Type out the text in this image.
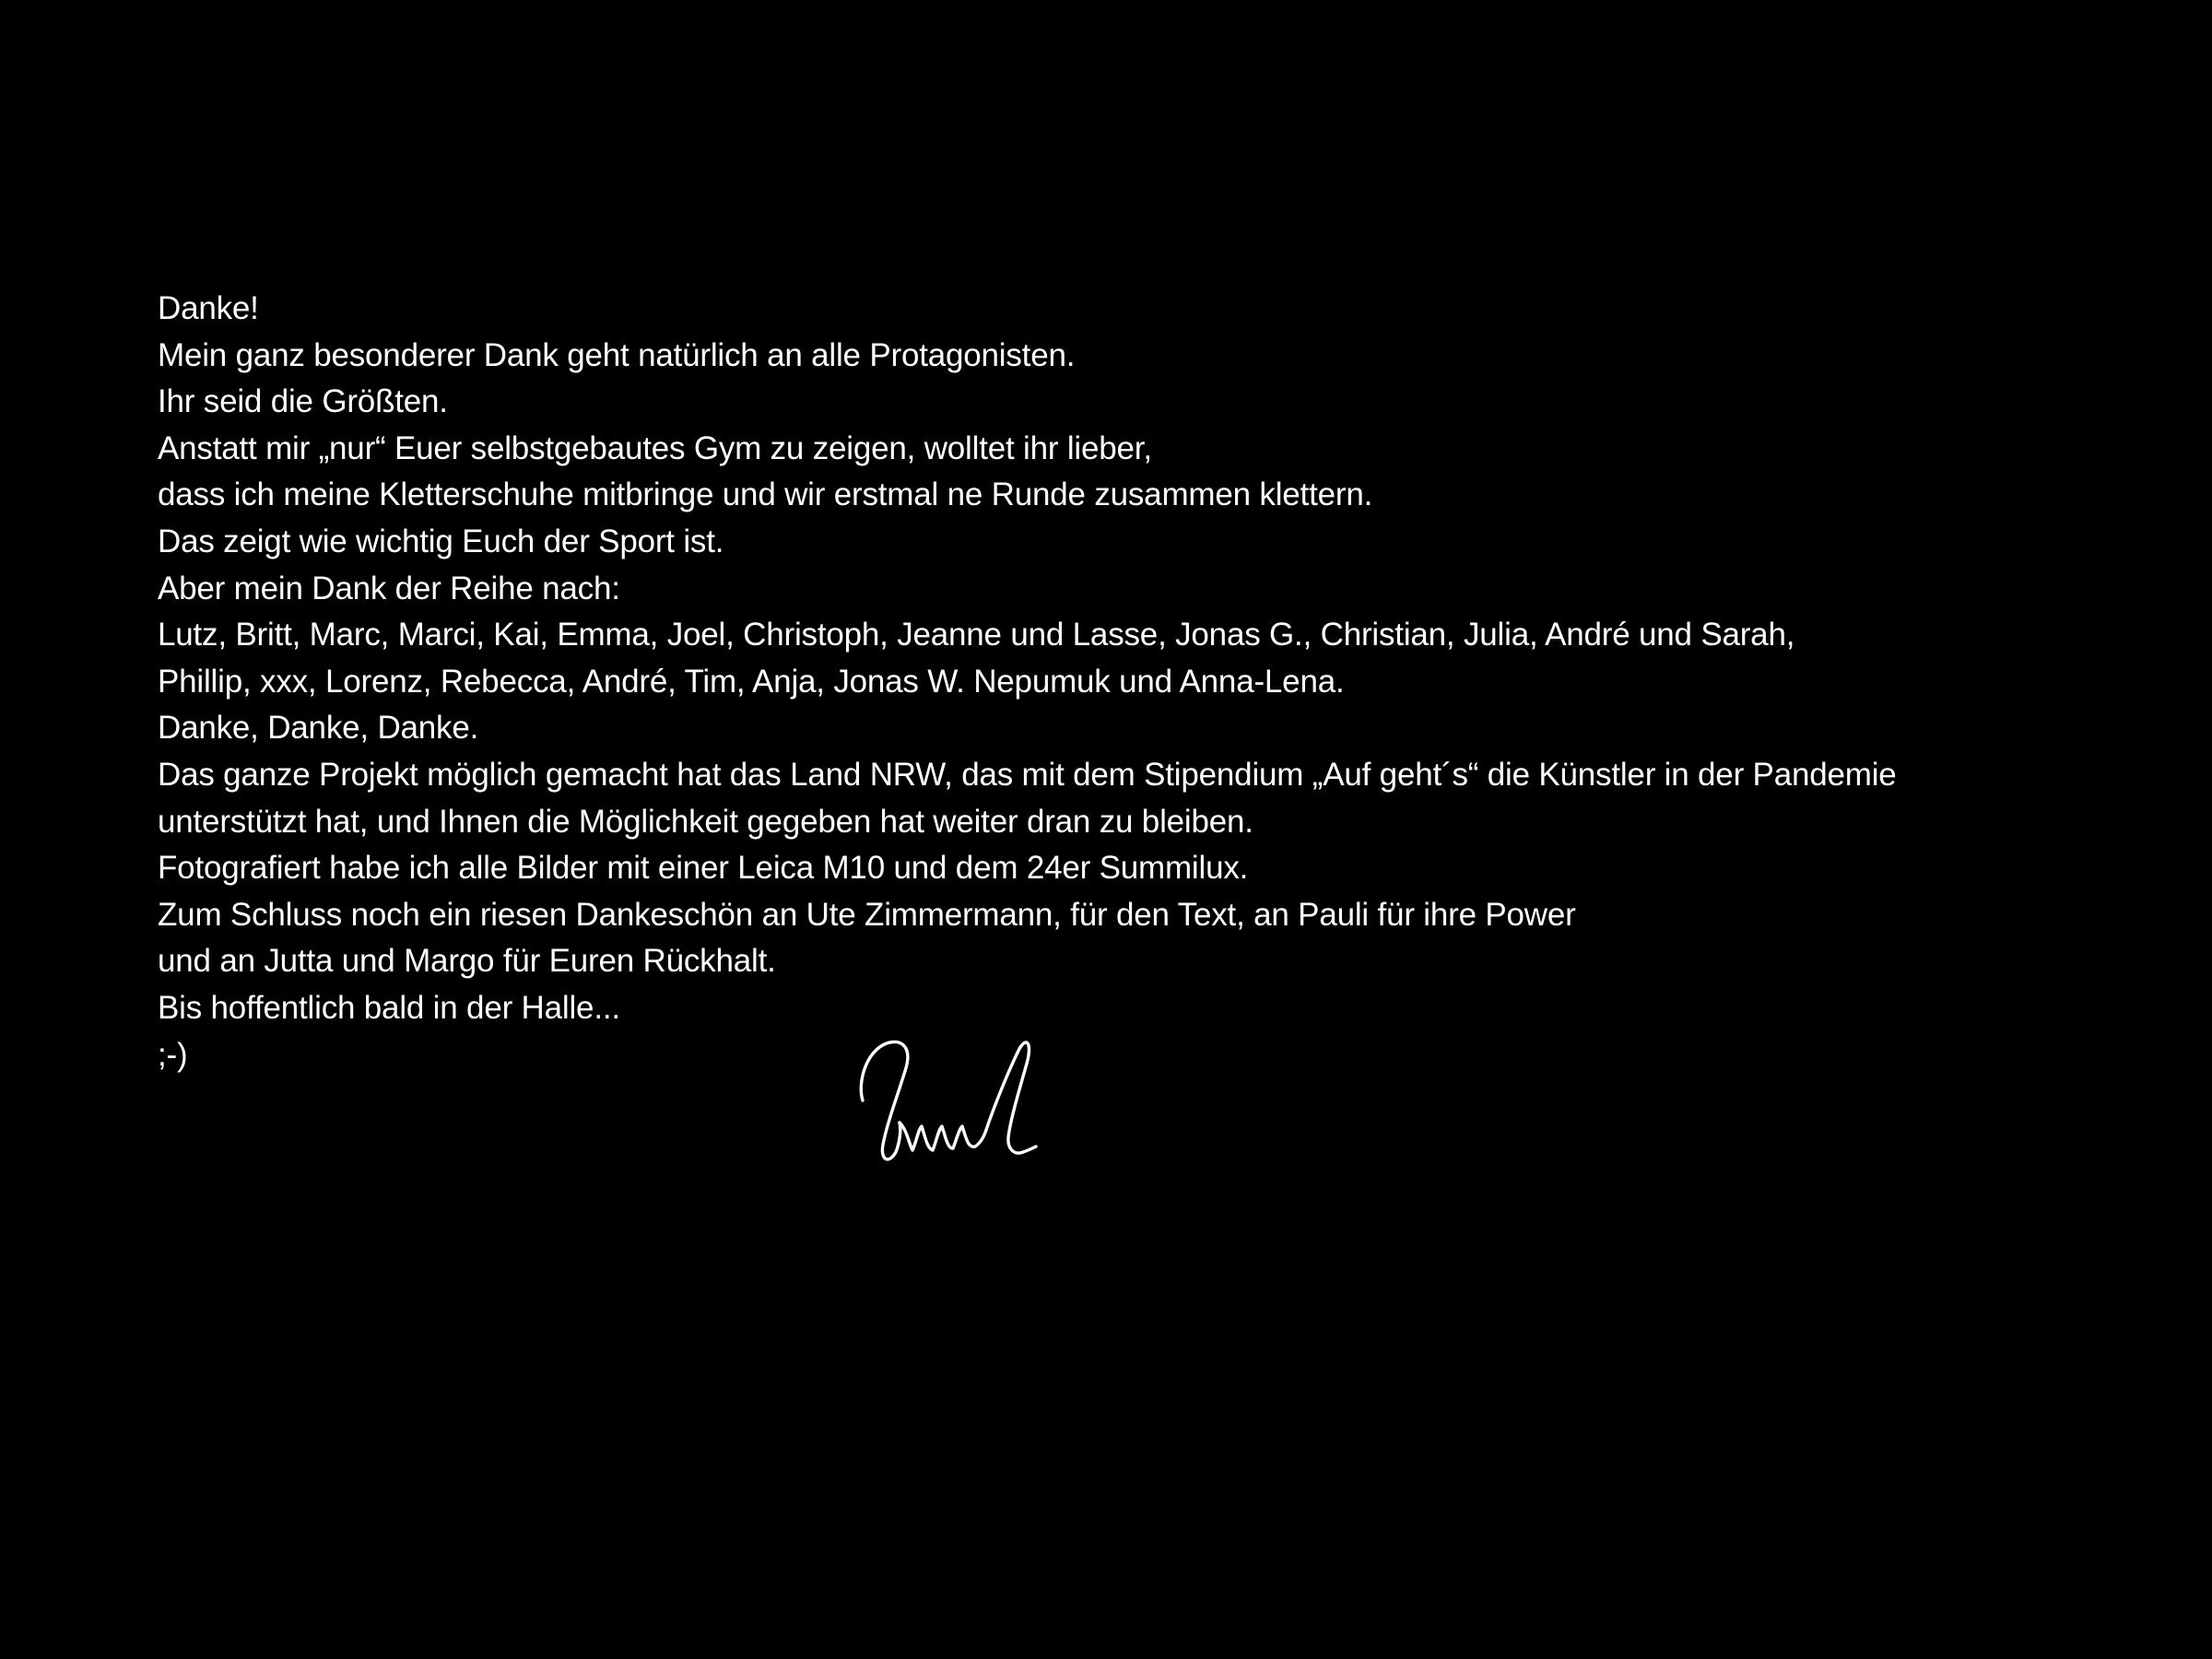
Danke!
Mein ganz besonderer Dank geht natürlich an alle Protagonisten.
Ihr seid die Größten.
Anstatt mir „nur“ Euer selbstgebautes Gym zu zeigen, wolltet ihr lieber,
dass ich meine Kletterschuhe mitbringe und wir erstmal ne Runde zusammen klettern.
Das zeigt wie wichtig Euch der Sport ist.
Aber mein Dank der Reihe nach:
Lutz, Britt, Marc, Marci, Kai, Emma, Joel, Christoph, Jeanne und Lasse, Jonas G., Christian, Julia, André und Sarah,
Phillip, xxx, Lorenz, Rebecca, André, Tim, Anja, Jonas W. Nepumuk und Anna-Lena.
Danke, Danke, Danke.
Das ganze Projekt möglich gemacht hat das Land NRW, das mit dem Stipendium „Auf geht´s“ die Künstler in der Pandemie
unterstützt hat, und Ihnen die Möglichkeit gegeben hat weiter dran zu bleiben.
Fotografiert habe ich alle Bilder mit einer Leica M10 und dem 24er Summilux.
Zum Schluss noch ein riesen Dankeschön an Ute Zimmermann, für den Text, an Pauli für ihre Power
und an Jutta und Margo für Euren Rückhalt.
Bis hoffentlich bald in der Halle...
;-)
